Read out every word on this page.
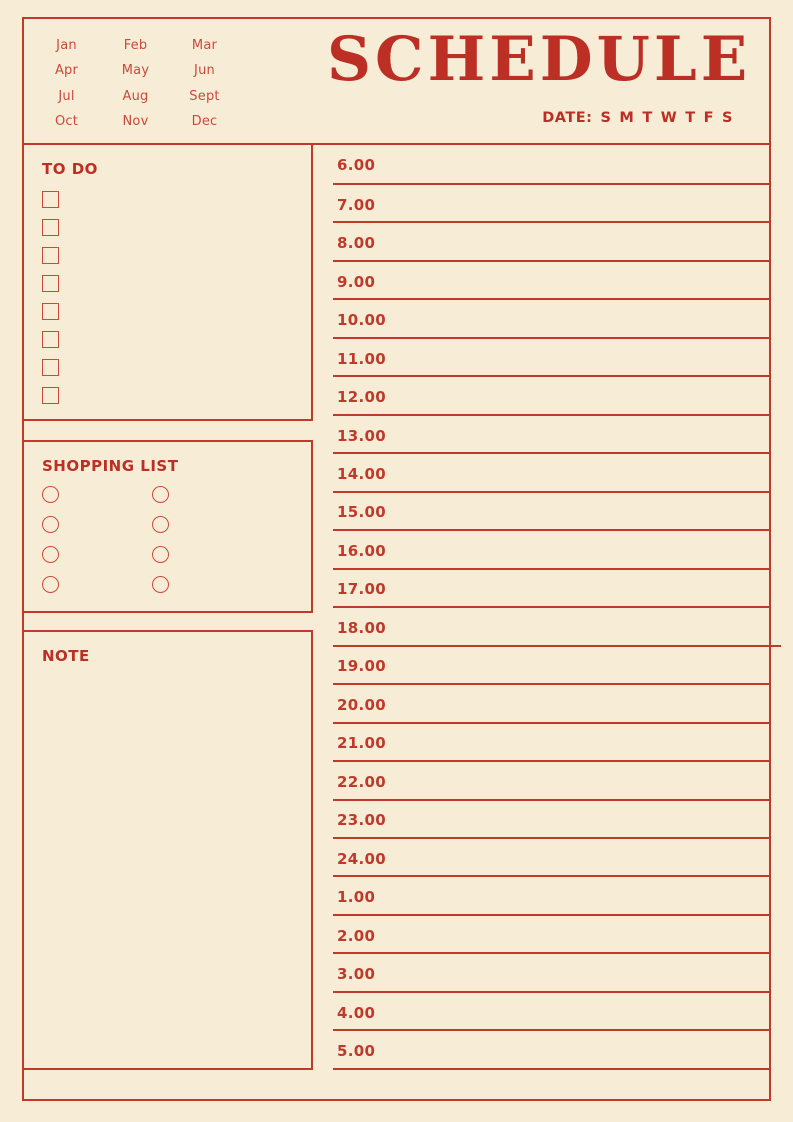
Jan	Feb	Mar
Apr	May	Jun
Jul	Aug	Sept
Oct	Nov	Dec
SCHEDULE
DATE: S M T W T F S
TO DO
SHOPPING LIST
NOTE
6.00
7.00
8.00
9.00
10.00
11.00
12.00
13.00
14.00
15.00
16.00
17.00
18.00
19.00
20.00
21.00
22.00
23.00
24.00
1.00
2.00
3.00
4.00
5.00
